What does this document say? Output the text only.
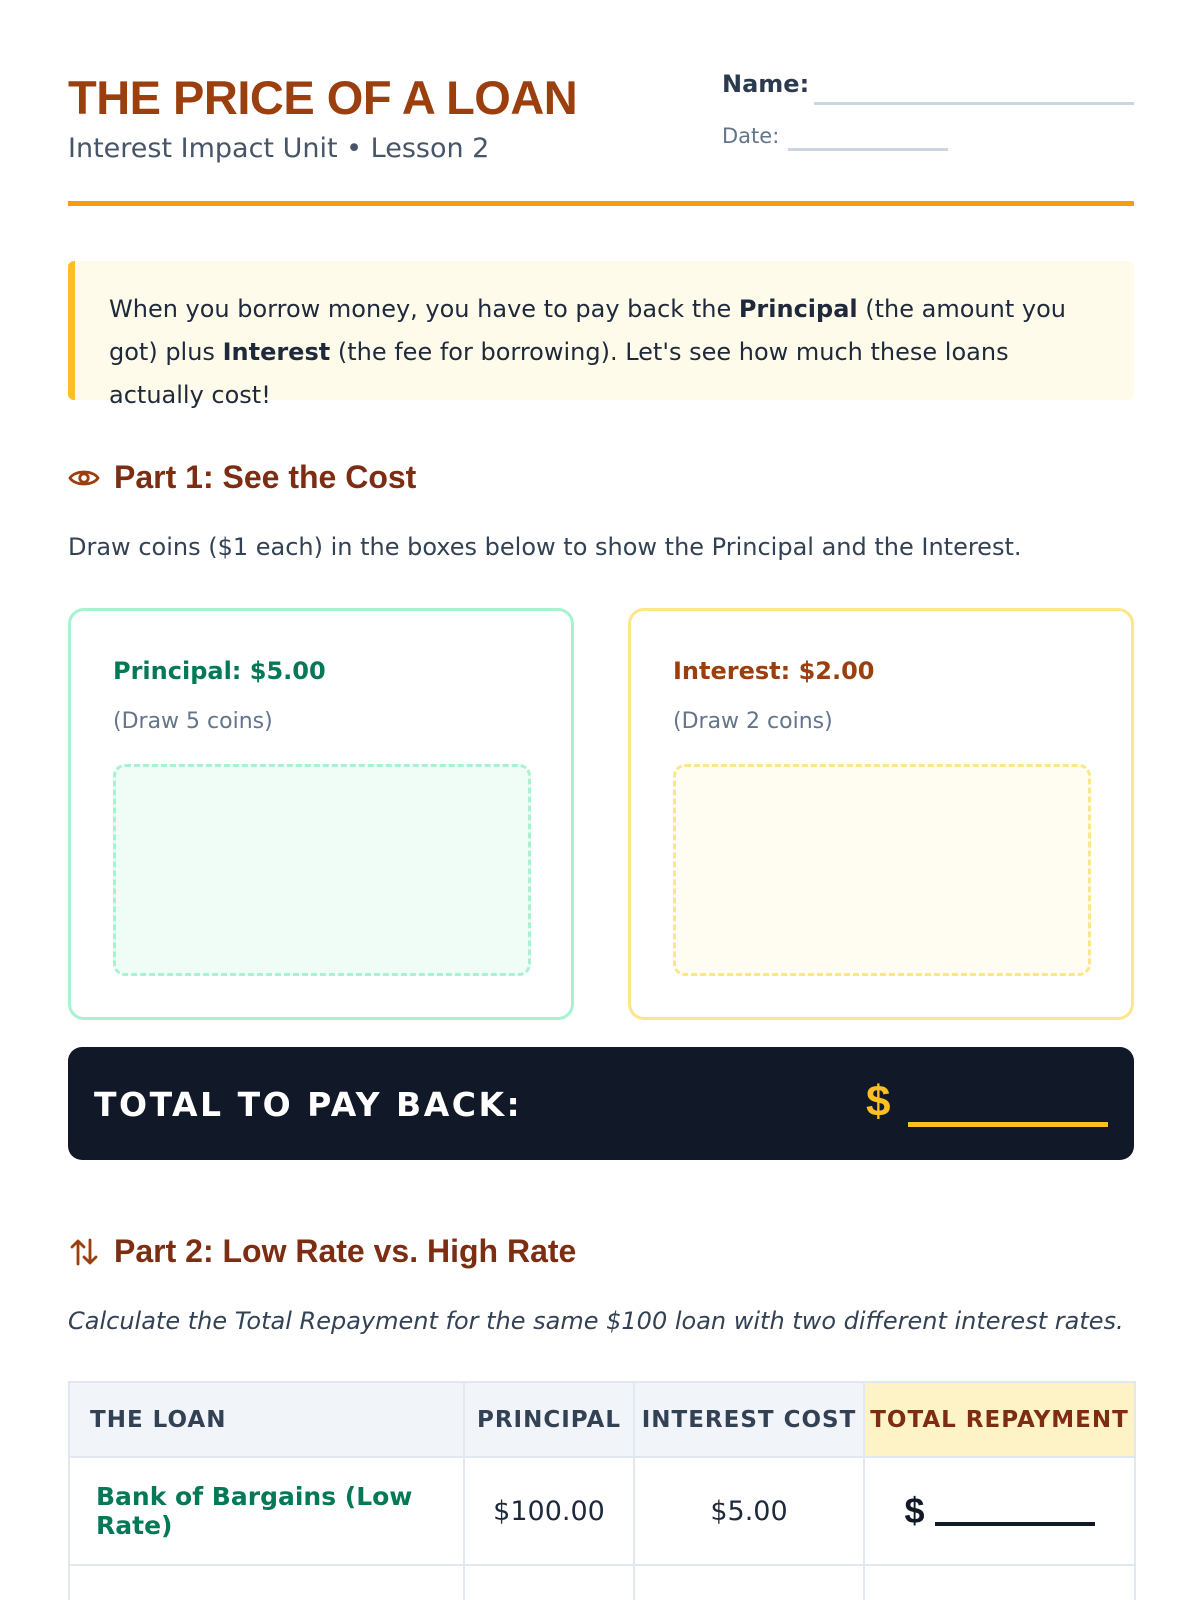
THE PRICE OF A LOAN
Interest Impact Unit • Lesson 2
Name:
Date:
When you borrow money, you have to pay back the Principal (the amount you got) plus Interest (the fee for borrowing). Let's see how much these loans actually cost!
Part 1: See the Cost
Draw coins ($1 each) in the boxes below to show the Principal and the Interest.
Principal: $5.00
(Draw 5 coins)
Interest: $2.00
(Draw 2 coins)
TOTAL TO PAY BACK:	$
Part 2: Low Rate vs. High Rate
Calculate the Total Repayment for the same $100 loan with two different interest rates.
THE LOAN	PRINCIPAL	INTEREST COST	TOTAL REPAYMENT
Bank of Bargains (Low Rate)	$100.00	$5.00	$
